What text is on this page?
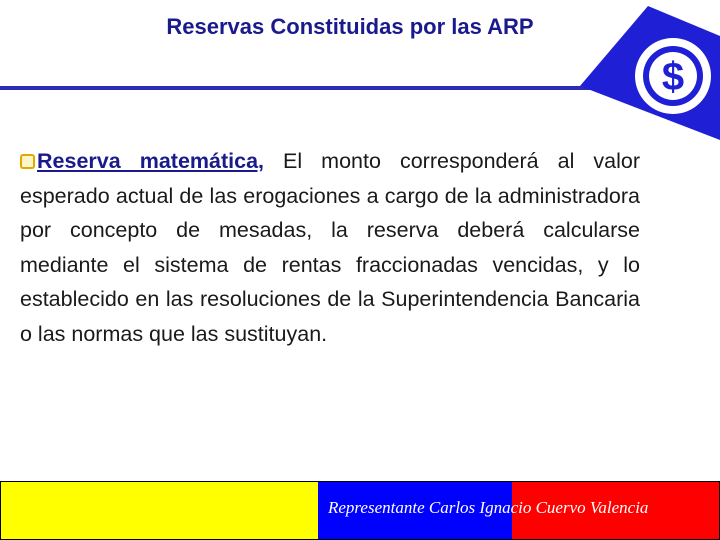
Reservas Constituidas por las ARP
$
Reserva matemática, El monto corresponderá al valor esperado actual de las erogaciones a cargo de la administradora por concepto de mesadas, la reserva deberá calcularse mediante el sistema de rentas fraccionadas vencidas, y lo establecido en las resoluciones de la Superintendencia Bancaria o las normas que las sustituyan.
Representante Carlos Ignacio Cuervo Valencia
